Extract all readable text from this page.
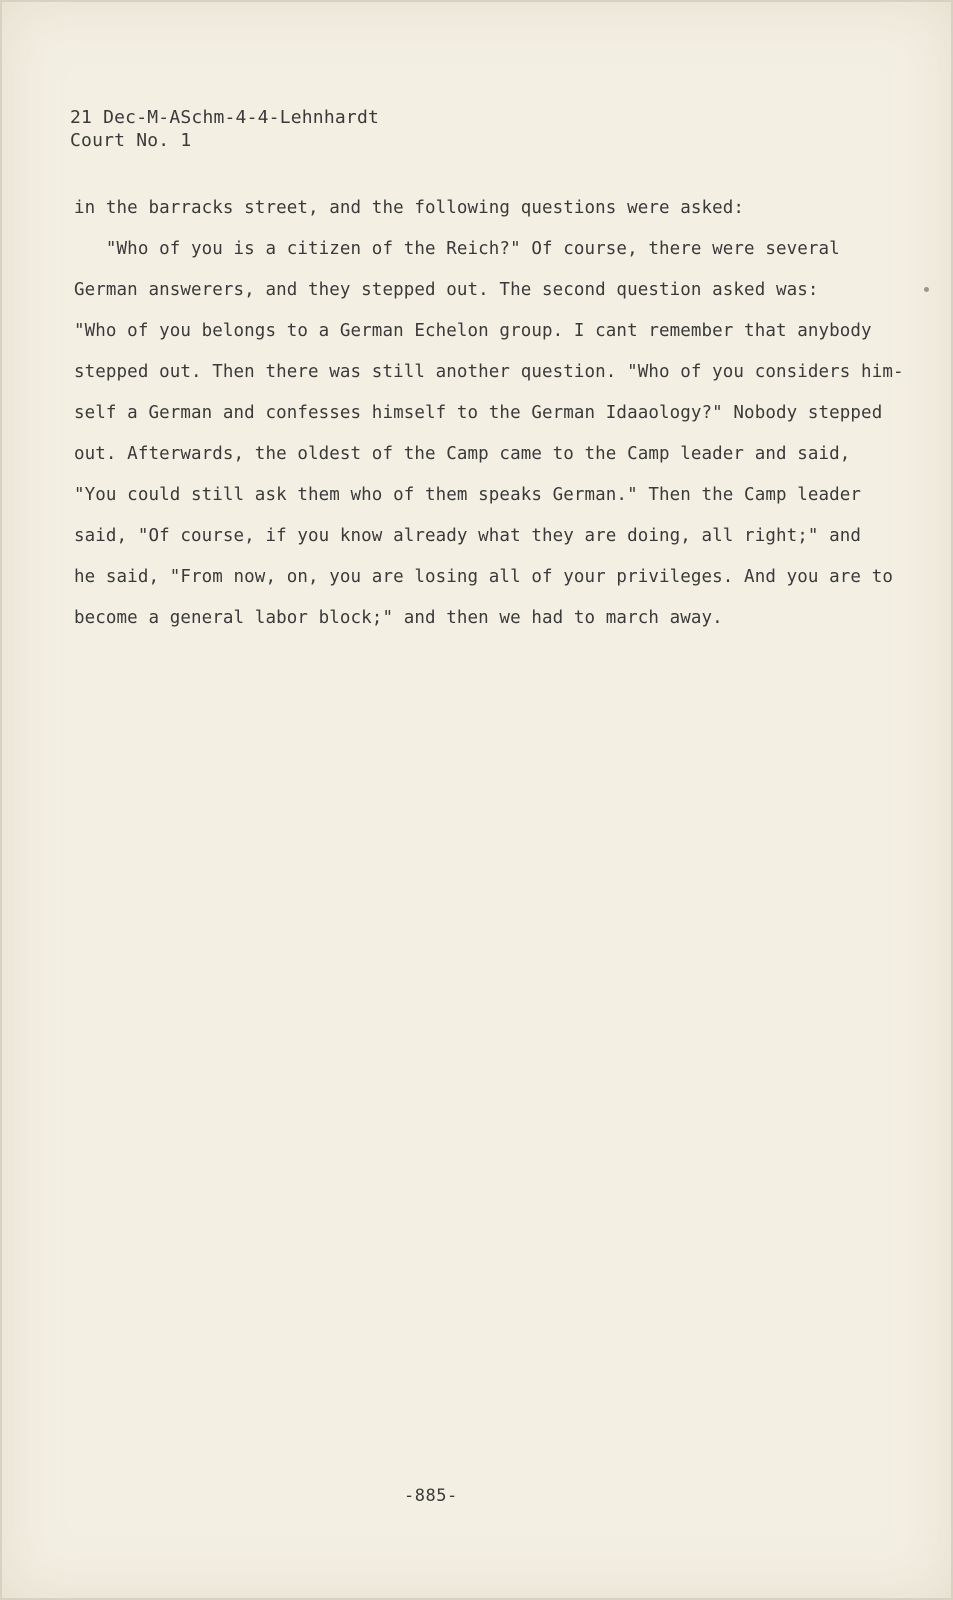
21 Dec-M-ASchm-4-4-Lehnhardt
Court No. 1
in the barracks street, and the following questions were asked:
"Who of you is a citizen of the Reich?" Of course, there were several
German answerers, and they stepped out. The second question asked was:
"Who of you belongs to a German Echelon group. I cant remember that anybody
stepped out. Then there was still another question. "Who of you considers him-
self a German and confesses himself to the German Idaaology?" Nobody stepped
out. Afterwards, the oldest of the Camp came to the Camp leader and said,
"You could still ask them who of them speaks German." Then the Camp leader
said, "Of course, if you know already what they are doing, all right;" and
he said, "From now, on, you are losing all of your privileges. And you are to
become a general labor block;" and then we had to march away.
-885-
